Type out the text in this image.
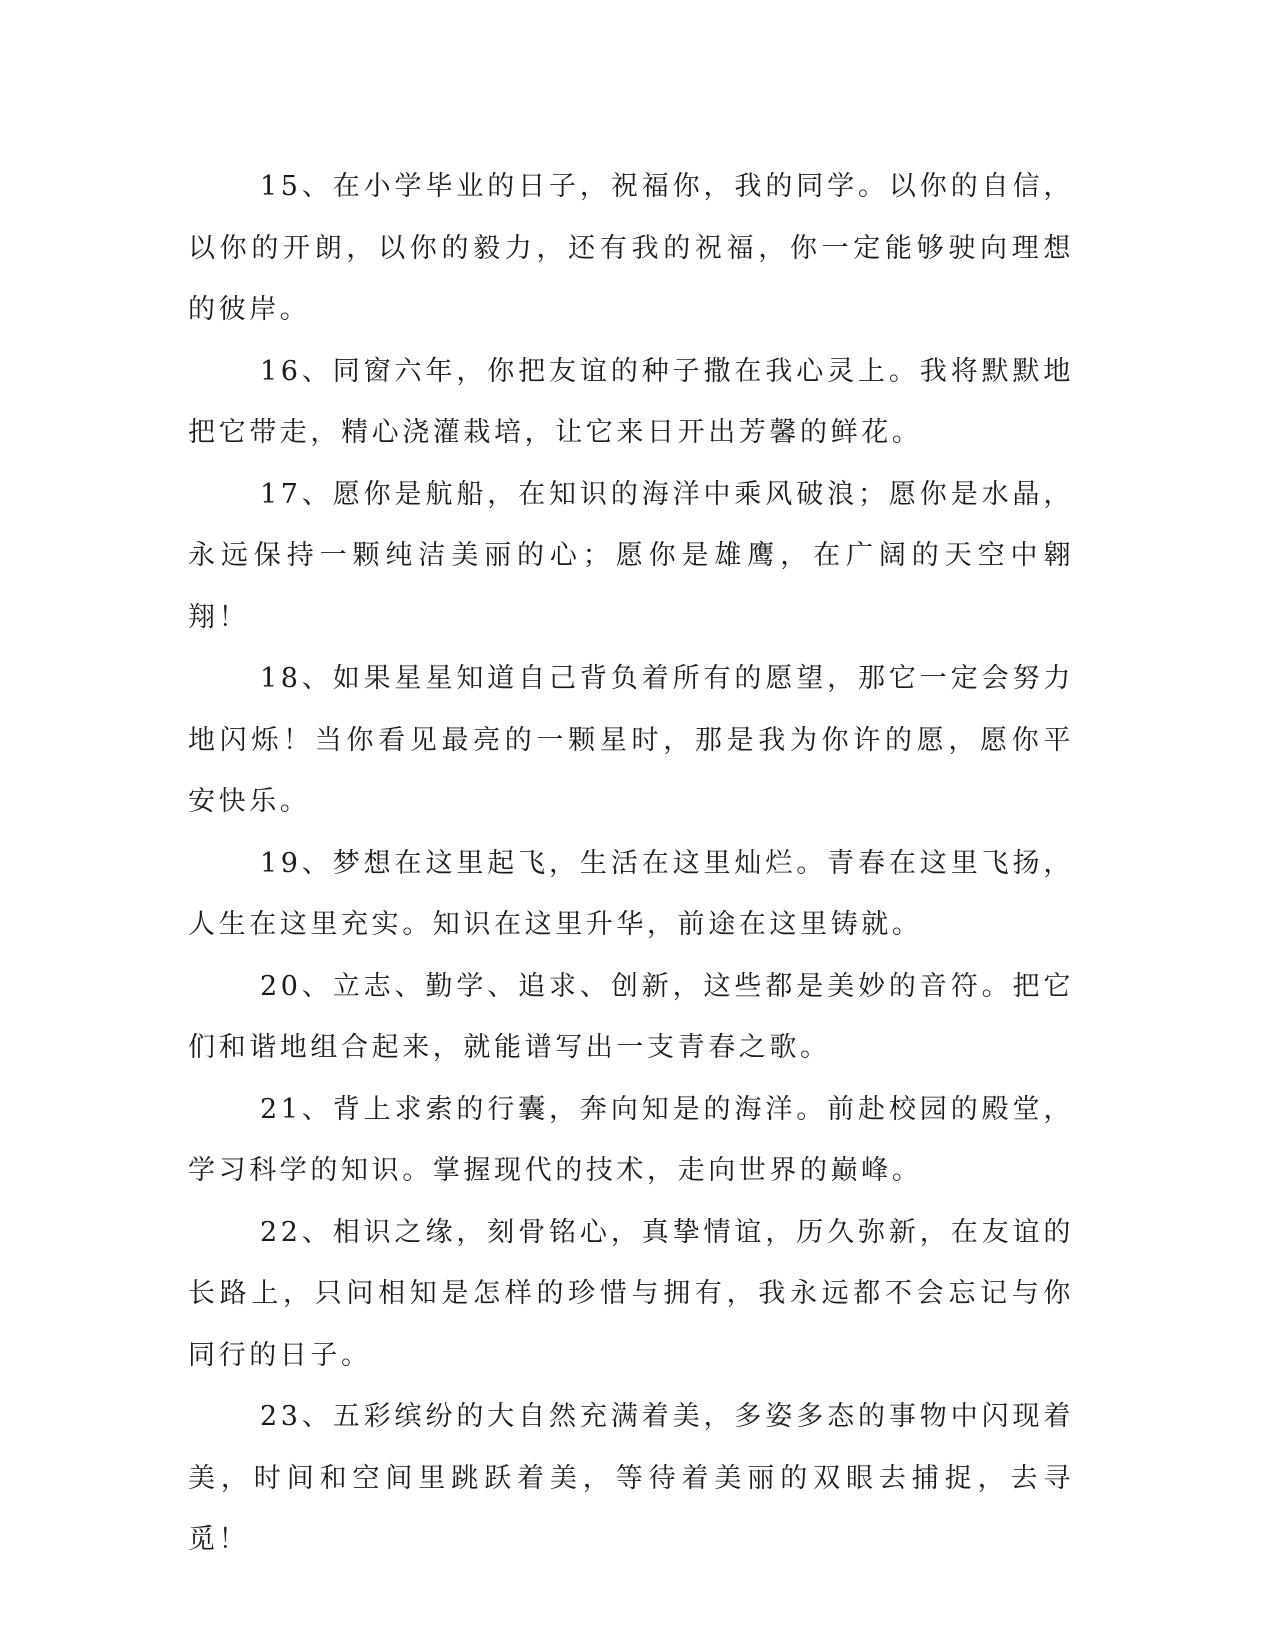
15、在小学毕业的日子，祝福你，我的同学。以你的自信，以你的开朗，以你的毅力，还有我的祝福，你一定能够驶向理想的彼岸。

16、同窗六年，你把友谊的种子撒在我心灵上。我将默默地把它带走，精心浇灌栽培，让它来日开出芳馨的鲜花。

17、愿你是航船，在知识的海洋中乘风破浪；愿你是水晶，永远保持一颗纯洁美丽的心；愿你是雄鹰，在广阔的天空中翱翔！

18、如果星星知道自己背负着所有的愿望，那它一定会努力地闪烁！当你看见最亮的一颗星时，那是我为你许的愿，愿你平安快乐。

19、梦想在这里起飞，生活在这里灿烂。青春在这里飞扬，人生在这里充实。知识在这里升华，前途在这里铸就。

20、立志、勤学、追求、创新，这些都是美妙的音符。把它们和谐地组合起来，就能谱写出一支青春之歌。

21、背上求索的行囊，奔向知是的海洋。前赴校园的殿堂，学习科学的知识。掌握现代的技术，走向世界的巅峰。

22、相识之缘，刻骨铭心，真挚情谊，历久弥新，在友谊的长路上，只问相知是怎样的珍惜与拥有，我永远都不会忘记与你同行的日子。

23、五彩缤纷的大自然充满着美，多姿多态的事物中闪现着美，时间和空间里跳跃着美，等待着美丽的双眼去捕捉，去寻觅！
